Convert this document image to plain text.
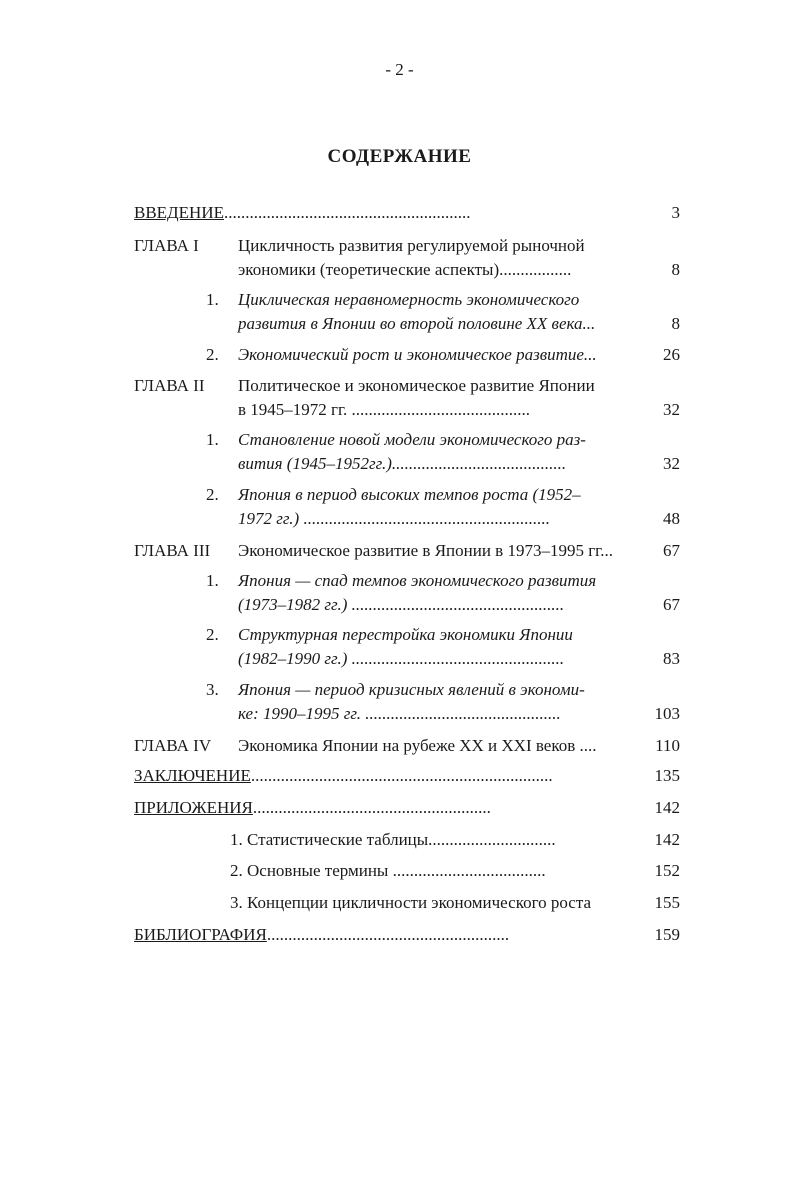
- 2 -
СОДЕРЖАНИЕ
ВВЕДЕНИЕ..........................................................	3
ГЛАВА I Цикличность развития регулируемой рыночной
экономики (теоретические аспекты).................	8
1. Циклическая неравномерность экономического
развития в Японии во второй половине XX века...	8
2. Экономический рост и экономическое развитие...	26
ГЛАВА II Политическое и экономическое развитие Японии
в 1945–1972 гг. ..........................................	32
1. Становление новой модели экономического раз-
вития (1945–1952гг.).........................................	32
2. Япония в период высоких темпов роста (1952–
1972 гг.) ..........................................................	48
ГЛАВА III Экономическое развитие в Японии в 1973–1995 гг...	67
1. Япония — спад темпов экономического развития
(1973–1982 гг.) ..................................................	67
2. Структурная перестройка экономики Японии
(1982–1990 гг.) ..................................................	83
3. Япония — период кризисных явлений в экономи-
ке: 1990–1995 гг. ..............................................	103
ГЛАВА IV Экономика Японии на рубеже XX и XXI веков ....	110
ЗАКЛЮЧЕНИЕ.......................................................................	135
ПРИЛОЖЕНИЯ........................................................	142
1. Статистические таблицы..............................	142
2. Основные термины ....................................	152
3. Концепции цикличности экономического роста	155
БИБЛИОГРАФИЯ.........................................................	159
